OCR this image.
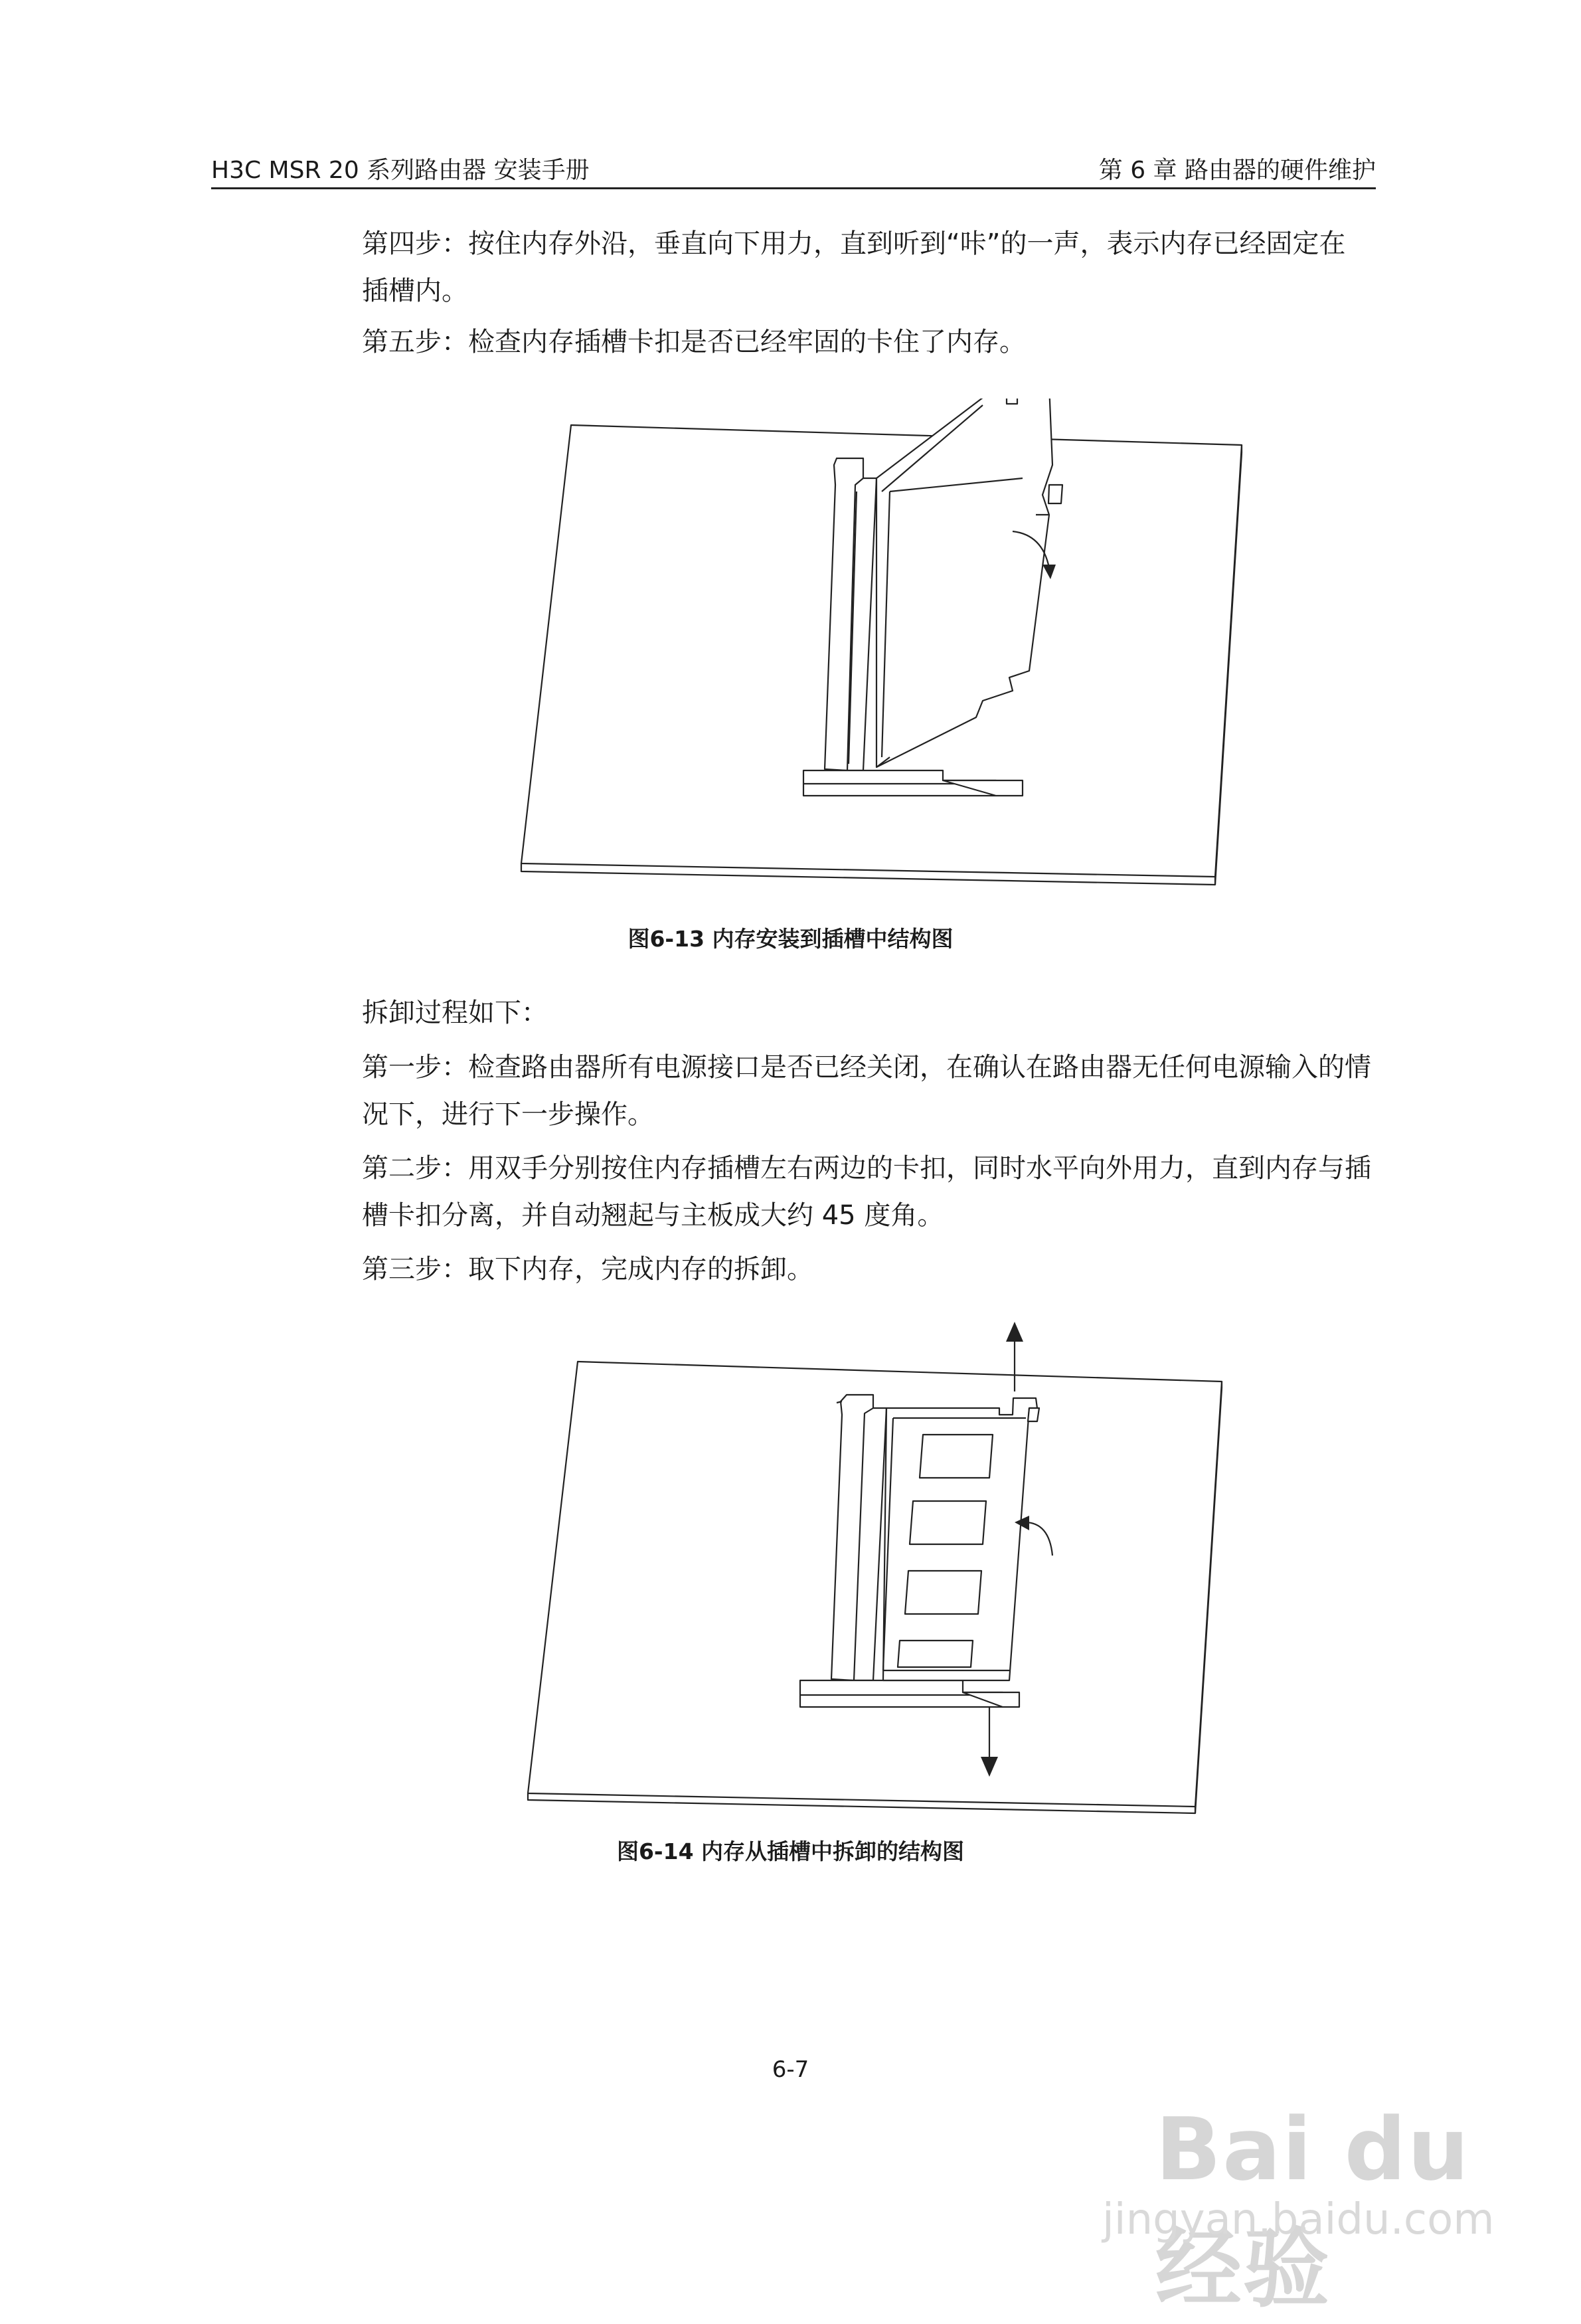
H3C MSR 20 系列路由器 安装手册	第 6 章 路由器的硬件维护

第四步：按住内存外沿，垂直向下用力，直到听到“咔”的一声，表示内存已经固定在插槽内。

第五步：检查内存插槽卡扣是否已经牢固的卡住了内存。

图6-13 内存安装到插槽中结构图

拆卸过程如下：

第一步：检查路由器所有电源接口是否已经关闭，在确认在路由器无任何电源输入的情况下，进行下一步操作。

第二步：用双手分别按住内存插槽左右两边的卡扣，同时水平向外用力，直到内存与插槽卡扣分离，并自动翘起与主板成大约 45 度角。

第三步：取下内存，完成内存的拆卸。

图6-14 内存从插槽中拆卸的结构图
6-7
Bai du 经验
jingyan.baidu.com
